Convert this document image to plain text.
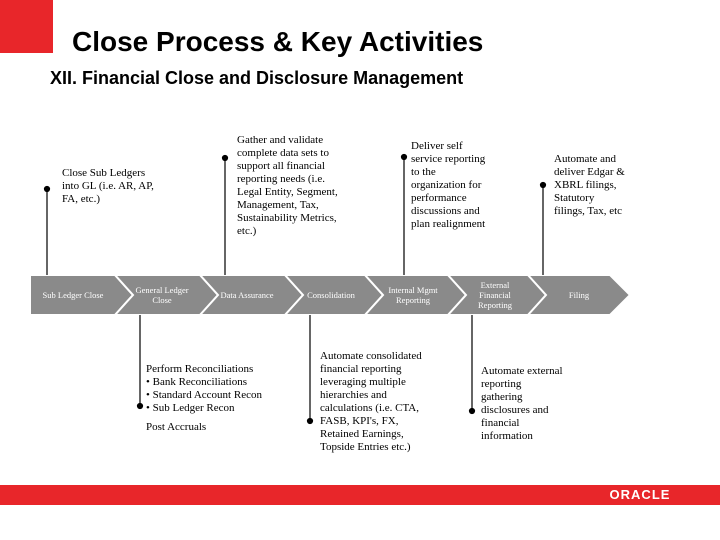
Close Process & Key Activities
XII. Financial Close and Disclosure Management
Sub Ledger Close	General Ledger Close	Data Assurance	Consolidation	Internal Mgmt Reporting
External Financial Reporting
Filing
Close Sub Ledgers
into GL (i.e. AR, AP,
FA, etc.)
Gather and validate
complete data sets to
support all financial
reporting needs (i.e.
Legal Entity, Segment,
Management, Tax,
Sustainability Metrics,
etc.)
Deliver self
service reporting
to the
organization for
performance
discussions and
plan realignment
Automate and
deliver Edgar &
XBRL filings,
Statutory
filings, Tax, etc
Perform Reconciliations
• Bank Reconciliations
• Standard Account Recon
• Sub Ledger Recon
Post Accruals
Automate consolidated
financial reporting
leveraging multiple
hierarchies and
calculations (i.e. CTA,
FASB, KPI's, FX,
Retained Earnings,
Topside Entries etc.)
Automate external
reporting
gathering
disclosures and
financial
information
ORACLE
